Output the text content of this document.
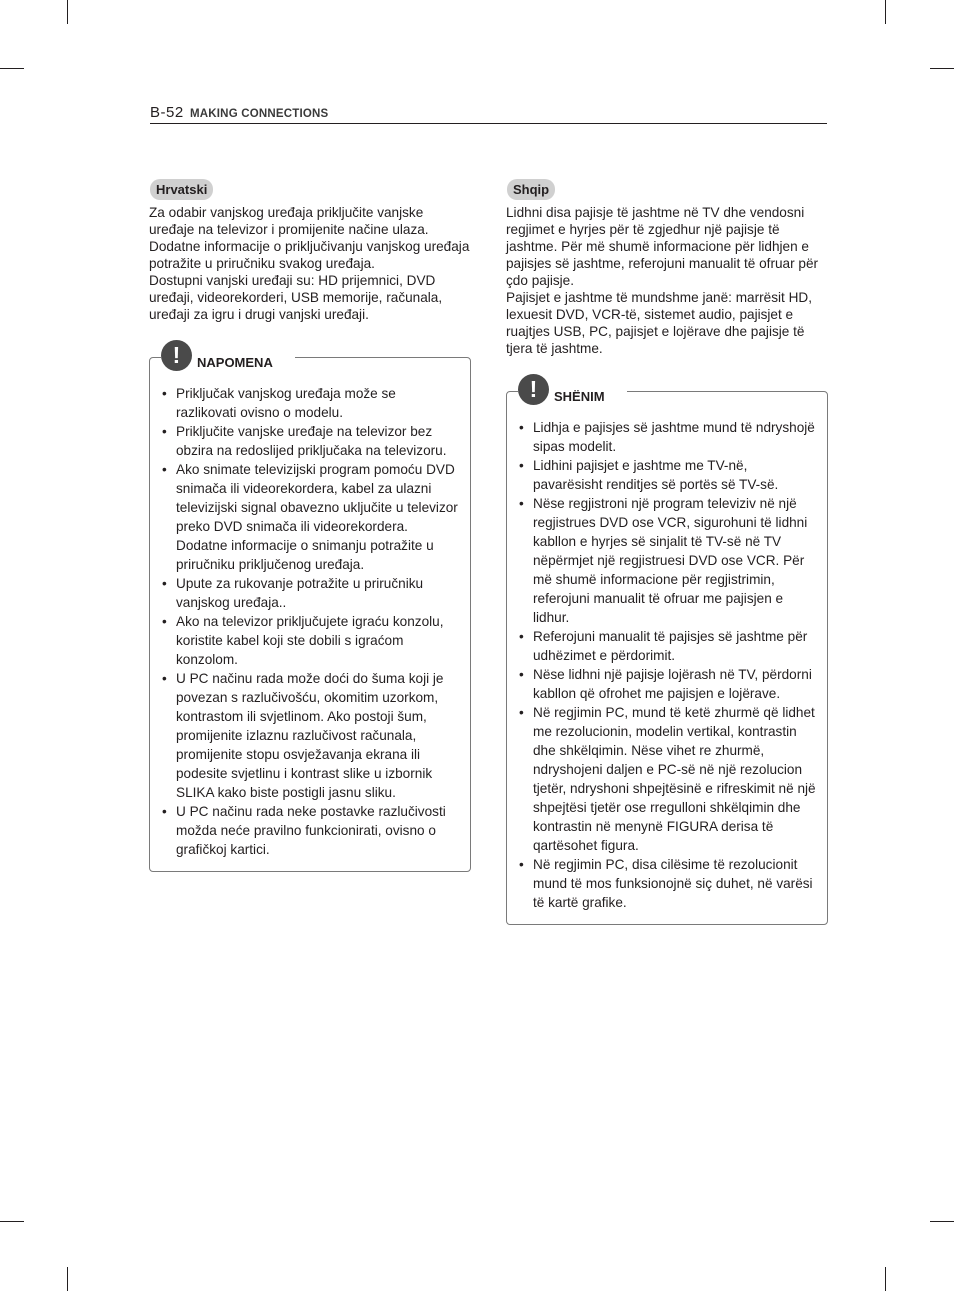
B-52 MAKING CONNECTIONS
Hrvatski

Za odabir vanjskog uređaja priključite vanjske uređaje na televizor i promijenite načine ulaza. Dodatne informacije o priključivanju vanjskog uređaja potražite u priručniku svakog uređaja.

Dostupni vanjski uređaji su: HD prijemnici, DVD uređaji, videorekorderi, USB memorije, računala, uređaji za igru i drugi vanjski uređaji.

!	NAPOMENA
• Priključak vanjskog uređaja može se razlikovati ovisno o modelu.
• Priključite vanjske uređaje na televizor bez obzira na redoslijed priključaka na televizoru.
• Ako snimate televizijski program pomoću DVD snimača ili videorekordera, kabel za ulazni televizijski signal obavezno uključite u televizor preko DVD snimača ili videorekordera. Dodatne informacije o snimanju potražite u priručniku priključenog uređaja.
• Upute za rukovanje potražite u priručniku vanjskog uređaja..
• Ako na televizor priključujete igraću konzolu, koristite kabel koji ste dobili s igraćom konzolom.
• U PC načinu rada može doći do šuma koji je povezan s razlučivošću, okomitim uzorkom, kontrastom ili svjetlinom. Ako postoji šum, promijenite izlaznu razlučivost računala, promijenite stopu osvježavanja ekrana ili podesite svjetlinu i kontrast slike u izbornik SLIKA kako biste postigli jasnu sliku.
• U PC načinu rada neke postavke razlučivosti možda neće pravilno funkcionirati, ovisno o grafičkoj kartici.
Shqip

Lidhni disa pajisje të jashtme në TV dhe vendosni regjimet e hyrjes për të zgjedhur një pajisje të jashtme. Për më shumë informacione për lidhjen e pajisjes së jashtme, referojuni manualit të ofruar për çdo pajisje.

Pajisjet e jashtme të mundshme janë: marrësit HD, lexuesit DVD, VCR-të, sistemet audio, pajisjet e ruajtjes USB, PC, pajisjet e lojërave dhe pajisje të tjera të jashtme.

!	SHËNIM
• Lidhja e pajisjes së jashtme mund të ndryshojë sipas modelit.
• Lidhini pajisjet e jashtme me TV-në, pavarësisht renditjes së portës së TV-së.
• Nëse regjistroni një program televiziv në një regjistrues DVD ose VCR, sigurohuni të lidhni kabllon e hyrjes së sinjalit të TV-së në TV nëpërmjet një regjistruesi DVD ose VCR. Për më shumë informacione për regjistrimin, referojuni manualit të ofruar me pajisjen e lidhur.
• Referojuni manualit të pajisjes së jashtme për udhëzimet e përdorimit.
• Nëse lidhni një pajisje lojërash në TV, përdorni kabllon që ofrohet me pajisjen e lojërave.
• Në regjimin PC, mund të ketë zhurmë që lidhet me rezolucionin, modelin vertikal, kontrastin dhe shkëlqimin. Nëse vihet re zhurmë, ndryshojeni daljen e PC-së në një rezolucion tjetër, ndryshoni shpejtësinë e rifreskimit në një shpejtësi tjetër ose rregulloni shkëlqimin dhe kontrastin në menynë FIGURA derisa të qartësohet figura.
• Në regjimin PC, disa cilësime të rezolucionit mund të mos funksionojnë siç duhet, në varësi të kartë grafike.
